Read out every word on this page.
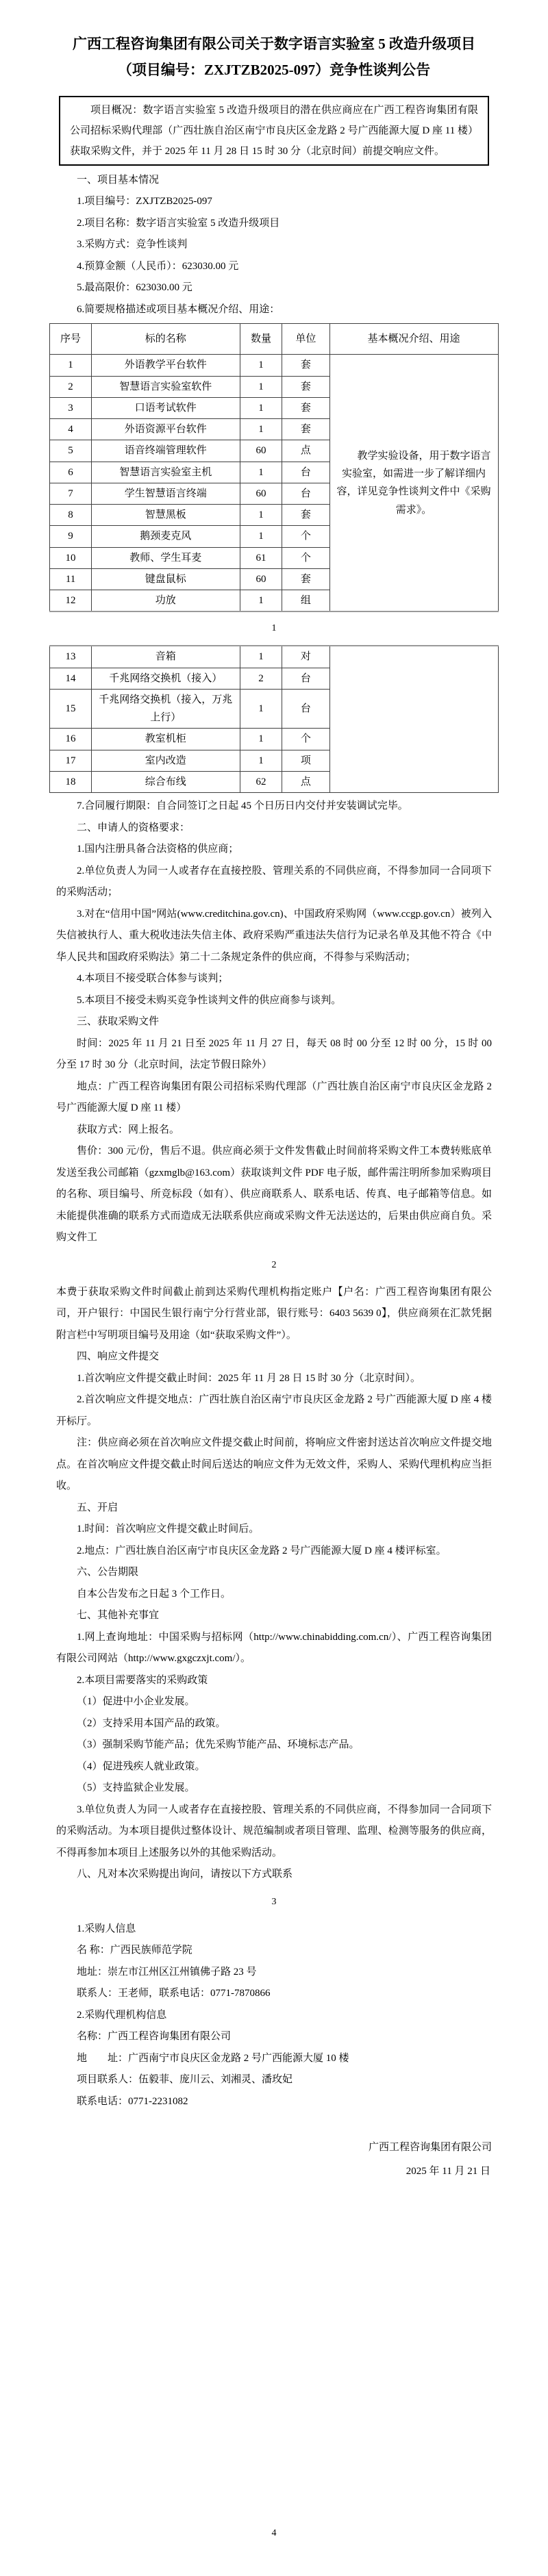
广西工程咨询集团有限公司关于数字语言实验室 5 改造升级项目
（项目编号：ZXJTZB2025-097）竞争性谈判公告

项目概况：数字语言实验室 5 改造升级项目的潜在供应商应在广西工程咨询集团有限公司招标采购代理部（广西壮族自治区南宁市良庆区金龙路 2 号广西能源大厦 D 座 11 楼）获取采购文件，并于 2025 年 11 月 28 日 15 时 30 分（北京时间）前提交响应文件。

一、项目基本情况

1.项目编号：ZXJTZB2025-097

2.项目名称：数字语言实验室 5 改造升级项目

3.采购方式：竞争性谈判

4.预算金额（人民币）：623030.00 元

5.最高限价：623030.00 元

6.简要规格描述或项目基本概况介绍、用途：

序号	标的名称	数量	单位	基本概况介绍、用途
1	外语教学平台软件	1	套	教学实验设备，用于数字语言实验室，如需进一步了解详细内容，详见竞争性谈判文件中《采购需求》。

2	智慧语言实验室软件	1	套	
3	口语考试软件	1	套	
4	外语资源平台软件	1	套	
5	语音终端管理软件	60	点	
6	智慧语言实验室主机	1	台	
7	学生智慧语言终端	60	台	
8	智慧黑板	1	套	
9	鹅颈麦克风	1	个	
10	教师、学生耳麦	61	个	
11	键盘鼠标	60	套	
12	功放	1	组	

1

13	音箱	1	对	
14	千兆网络交换机（接入）	2	台	
15	千兆网络交换机（接入，万兆上行）	1	台	
16	教室机柜	1	个	
17	室内改造	1	项	
18	综合布线	62	点	

7.合同履行期限：自合同签订之日起 45 个日历日内交付并安装调试完毕。

二、申请人的资格要求：

1.国内注册具备合法资格的供应商；

2.单位负责人为同一人或者存在直接控股、管理关系的不同供应商，不得参加同一合同项下的采购活动；

3.对在“信用中国”网站(www.creditchina.gov.cn)、中国政府采购网（www.ccgp.gov.cn）被列入失信被执行人、重大税收违法失信主体、政府采购严重违法失信行为记录名单及其他不符合《中华人民共和国政府采购法》第二十二条规定条件的供应商，不得参与采购活动；

4.本项目不接受联合体参与谈判；

5.本项目不接受未购买竞争性谈判文件的供应商参与谈判。

三、获取采购文件

时间：2025 年 11 月 21 日至 2025 年 11 月 27 日，每天 08 时 00 分至 12 时 00 分，15 时 00 分至 17 时 30 分（北京时间，法定节假日除外）

地点：广西工程咨询集团有限公司招标采购代理部（广西壮族自治区南宁市良庆区金龙路 2 号广西能源大厦 D 座 11 楼）

获取方式：网上报名。

售价：300 元/份，售后不退。供应商必须于文件发售截止时间前将采购文件工本费转账底单发送至我公司邮箱（gzxmglb@163.com）获取谈判文件 PDF 电子版，邮件需注明所参加采购项目的名称、项目编号、所竞标段（如有）、供应商联系人、联系电话、传真、电子邮箱等信息。如未能提供准确的联系方式而造成无法联系供应商或采购文件无法送达的，后果由供应商自负。采购文件工

2

本费于获取采购文件时间截止前到达采购代理机构指定账户【户名：广西工程咨询集团有限公司，开户银行：中国民生银行南宁分行营业部，银行账号：6403 5639 0】，供应商须在汇款凭据附言栏中写明项目编号及用途（如“获取采购文件”）。

四、响应文件提交

1.首次响应文件提交截止时间：2025 年 11 月 28 日 15 时 30 分（北京时间）。

2.首次响应文件提交地点：广西壮族自治区南宁市良庆区金龙路 2 号广西能源大厦 D 座 4 楼开标厅。

注：供应商必须在首次响应文件提交截止时间前，将响应文件密封送达首次响应文件提交地点。在首次响应文件提交截止时间后送达的响应文件为无效文件，采购人、采购代理机构应当拒收。

五、开启

1.时间：首次响应文件提交截止时间后。

2.地点：广西壮族自治区南宁市良庆区金龙路 2 号广西能源大厦 D 座 4 楼评标室。

六、公告期限

自本公告发布之日起 3 个工作日。

七、其他补充事宜

1.网上查询地址：中国采购与招标网（http://www.chinabidding.com.cn/）、广西工程咨询集团有限公司网站（http://www.gxgczxjt.com/）。

2.本项目需要落实的采购政策

（1）促进中小企业发展。

（2）支持采用本国产品的政策。

（3）强制采购节能产品；优先采购节能产品、环境标志产品。

（4）促进残疾人就业政策。

（5）支持监狱企业发展。

3.单位负责人为同一人或者存在直接控股、管理关系的不同供应商，不得参加同一合同项下的采购活动。为本项目提供过整体设计、规范编制或者项目管理、监理、检测等服务的供应商，不得再参加本项目上述服务以外的其他采购活动。

八、凡对本次采购提出询问，请按以下方式联系

3

1.采购人信息

名 称：广西民族师范学院

地址：崇左市江州区江州镇佛子路 23 号

联系人：王老师，联系电话：0771-7870866

2.采购代理机构信息

名称：广西工程咨询集团有限公司

地　　址：广西南宁市良庆区金龙路 2 号广西能源大厦 10 楼

项目联系人：伍毅菲、庞川云、刘湘灵、潘玫妃

联系电话：0771-2231082

广西工程咨询集团有限公司
2025 年 11 月 21 日

4
